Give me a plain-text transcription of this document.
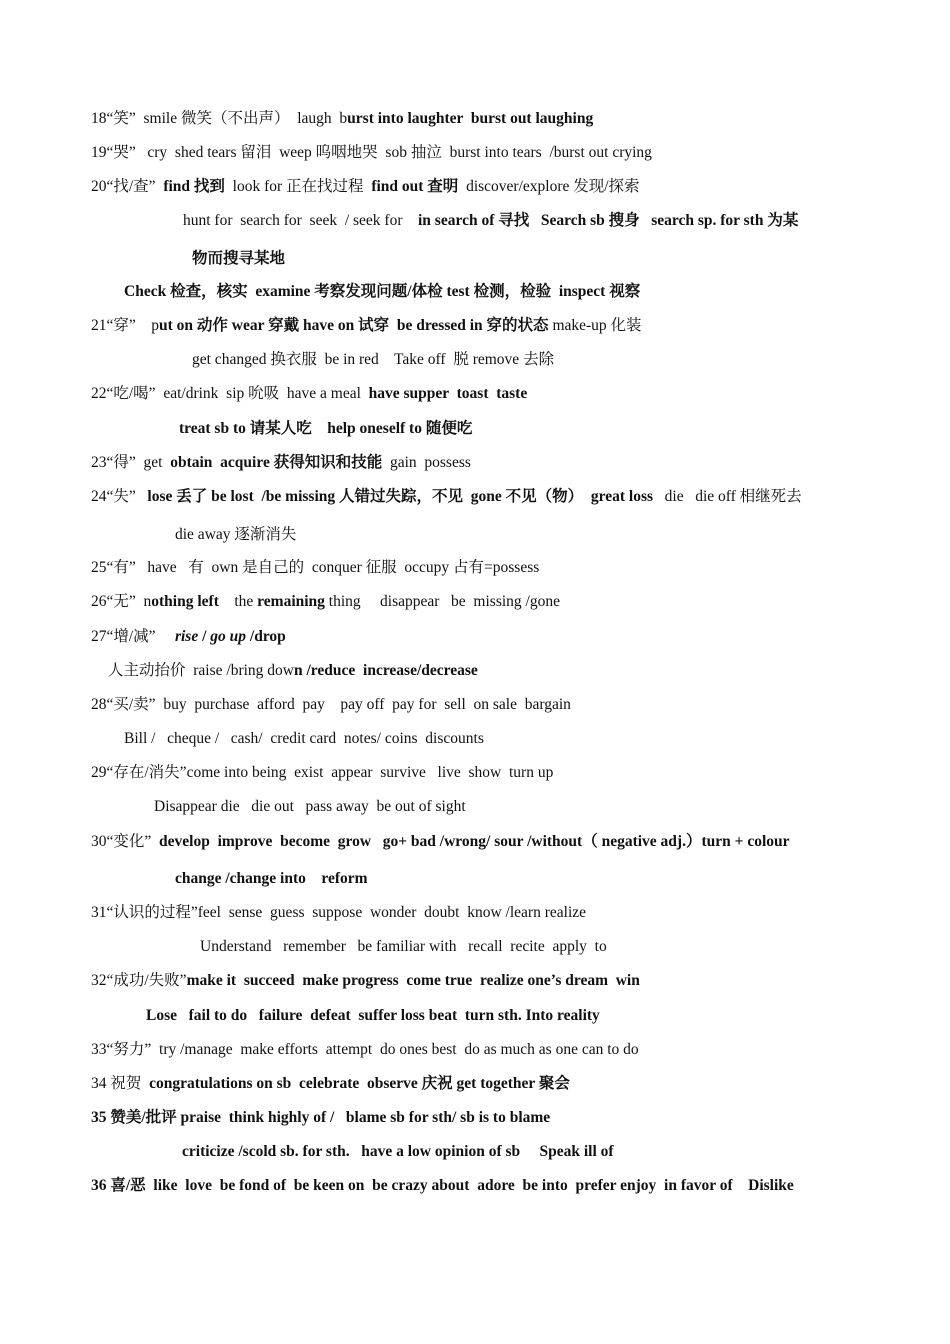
18“笑”  smile 微笑（不出声）  laugh  burst into laughter  burst out laughing
19“哭”   cry  shed tears 留泪  weep 呜咽地哭  sob 抽泣  burst into tears  /burst out crying
20“找/查”  find 找到  look for 正在找过程  find out 查明  discover/explore 发现/探索
hunt for  search for  seek  / seek for    in search of 寻找   Search sb 搜身   search sp. for sth 为某
物而搜寻某地
Check 检查，核实  examine 考察发现问题/体检 test 检测，检验  inspect 视察
21“穿”    put on 动作 wear 穿戴 have on 试穿  be dressed in 穿的状态 make-up 化装
get changed 换衣服  be in red    Take off  脱 remove 去除
22“吃/喝”  eat/drink  sip 吮吸  have a meal  have supper  toast  taste
treat sb to 请某人吃    help oneself to 随便吃
23“得”  get  obtain  acquire 获得知识和技能  gain  possess
24“失”   lose 丢了 be lost  /be missing 人错过失踪，不见  gone 不见（物）  great loss   die   die off 相继死去
die away 逐渐消失
25“有”   have   有  own 是自己的  conquer 征服  occupy 占有=possess
26“无”  nothing left    the remaining thing     disappear   be  missing /gone
27“增/减”     rise / go up /drop
人主动抬价  raise /bring down /reduce  increase/decrease
28“买/卖”  buy  purchase  afford  pay    pay off  pay for  sell  on sale  bargain
Bill /   cheque /   cash/  credit card  notes/ coins  discounts
29“存在/消失”come into being  exist  appear  survive   live  show  turn up
Disappear die   die out   pass away  be out of sight
30“变化”  develop  improve  become  grow   go+ bad /wrong/ sour /without（ negative adj.）turn + colour
change /change into    reform
31“认识的过程”feel  sense  guess  suppose  wonder  doubt  know /learn realize
Understand   remember   be familiar with   recall  recite  apply  to
32“成功/失败”make it  succeed  make progress  come true  realize one’s dream  win
Lose   fail to do   failure  defeat  suffer loss beat  turn sth. Into reality
33“努力”  try /manage  make efforts  attempt  do ones best  do as much as one can to do
34 祝贺  congratulations on sb  celebrate  observe 庆祝 get together 聚会
35 赞美/批评 praise  think highly of /   blame sb for sth/ sb is to blame
criticize /scold sb. for sth.   have a low opinion of sb     Speak ill of
36 喜/恶  like  love  be fond of  be keen on  be crazy about  adore  be into  prefer enjoy  in favor of    Dislike
